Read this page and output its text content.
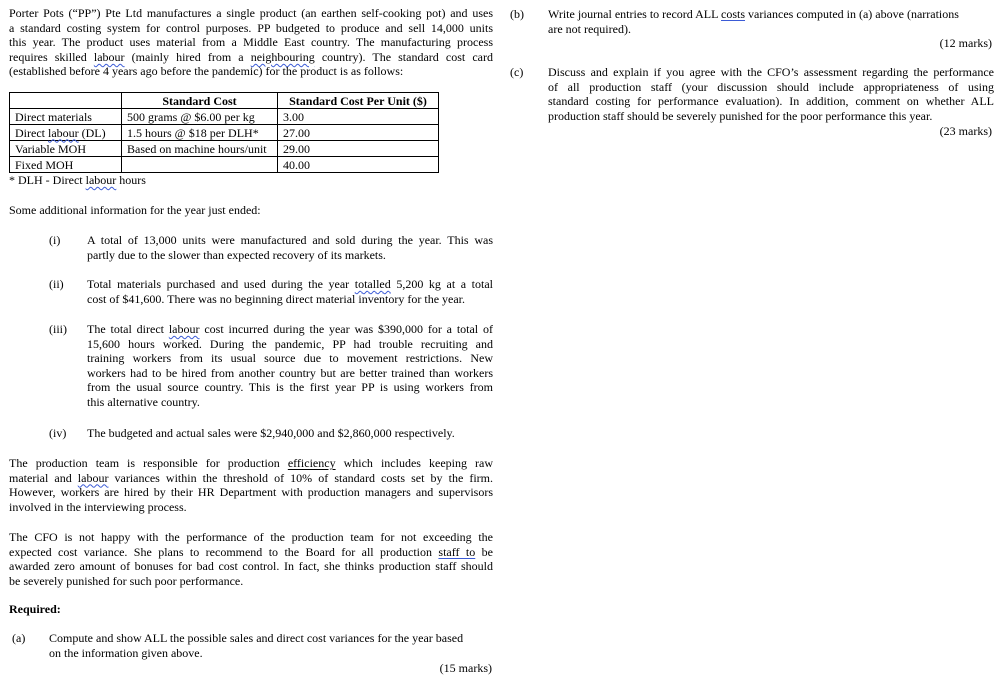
Porter Pots (“PP”) Pte Ltd manufactures a single product (an earthen self-cooking pot) and uses
a standard costing system for control purposes. PP budgeted to produce and sell 14,000 units
this year. The product uses material from a Middle East country. The manufacturing process
requires skilled labour (mainly hired from a neighbouring country). The standard cost card
(established before 4 years ago before the pandemic) for the product is as follows:
	Standard Cost	Standard Cost Per Unit ($)
Direct materials	500 grams @ $6.00 per kg	3.00
Direct labour (DL)	1.5 hours @ $18 per DLH*	27.00
Variable MOH	Based on machine hours/unit	29.00
Fixed MOH		40.00
* DLH - Direct labour hours
Some additional information for the year just ended:
(i) A total of 13,000 units were manufactured and sold during the year. This was
partly due to the slower than expected recovery of its markets.
(ii) Total materials purchased and used during the year totalled 5,200 kg at a total
cost of $41,600. There was no beginning direct material inventory for the year.
(iii) The total direct labour cost incurred during the year was $390,000 for a total of
15,600 hours worked. During the pandemic, PP had trouble recruiting and
training workers from its usual source due to movement restrictions. New
workers had to be hired from another country but are better trained than workers
from the usual source country. This is the first year PP is using workers from
this alternative country.
(iv) The budgeted and actual sales were $2,940,000 and $2,860,000 respectively.
The production team is responsible for production efficiency which includes keeping raw
material and labour variances within the threshold of 10% of standard costs set by the firm.
However, workers are hired by their HR Department with production managers and supervisors
involved in the interviewing process.
The CFO is not happy with the performance of the production team for not exceeding the
expected cost variance. She plans to recommend to the Board for all production staff to be
awarded zero amount of bonuses for bad cost control. In fact, she thinks production staff should
be severely punished for such poor performance.
Required:
(a) Compute and show ALL the possible sales and direct cost variances for the year based
on the information given above.
(15 marks)
(b) Write journal entries to record ALL costs variances computed in (a) above (narrations
are not required).
(12 marks)
(c) Discuss and explain if you agree with the CFO’s assessment regarding the performance
of all production staff (your discussion should include appropriateness of using
standard costing for performance evaluation). In addition, comment on whether ALL
production staff should be severely punished for the poor performance this year.
(23 marks)
